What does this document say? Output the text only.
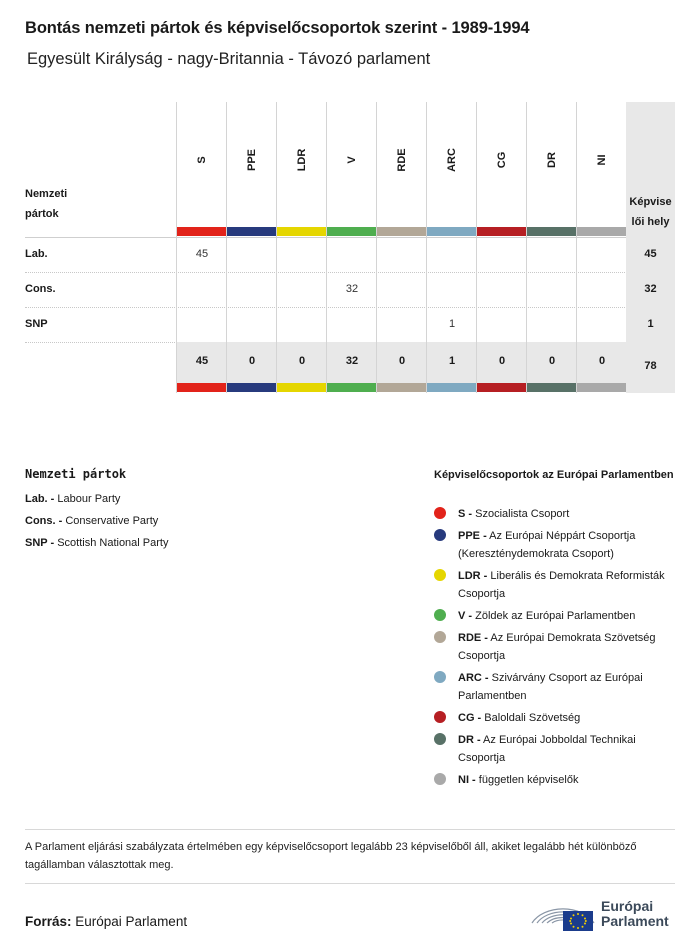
Bontás nemzeti pártok és képviselőcsoportok szerint - 1989-1994
Egyesült Királyság - nagy-Britannia - Távozó parlament
Nemzeti
pártok
Lab.
Cons.
SNP
S
45
45
PPE
0
LDR
0
V
32
32
RDE
0
ARC
1
1
CG
0
DR
0
NI
0
Képvise
lői hely
45
32
1
78
Nemzeti pártok
Lab. - Labour Party
Cons. - Conservative Party
SNP - Scottish National Party
Képviselőcsoportok az Európai Parlamentben
S - Szocialista Csoport
PPE - Az Európai Néppárt Csoportja (Kereszténydemokrata Csoport)
LDR - Liberális és Demokrata Reformisták Csoportja
V - Zöldek az Európai Parlamentben
RDE - Az Európai Demokrata Szövetség Csoportja
ARC - Szivárvány Csoport az Európai Parlamentben
CG - Baloldali Szövetség
DR - Az Európai Jobboldal Technikai Csoportja
NI - független képviselők
A Parlament eljárási szabályzata értelmében egy képviselőcsoport legalább 23 képviselőből áll, akiket legalább hét különböző tagállamban választottak meg.
Forrás: Európai Parlament
Európai
Parlament
